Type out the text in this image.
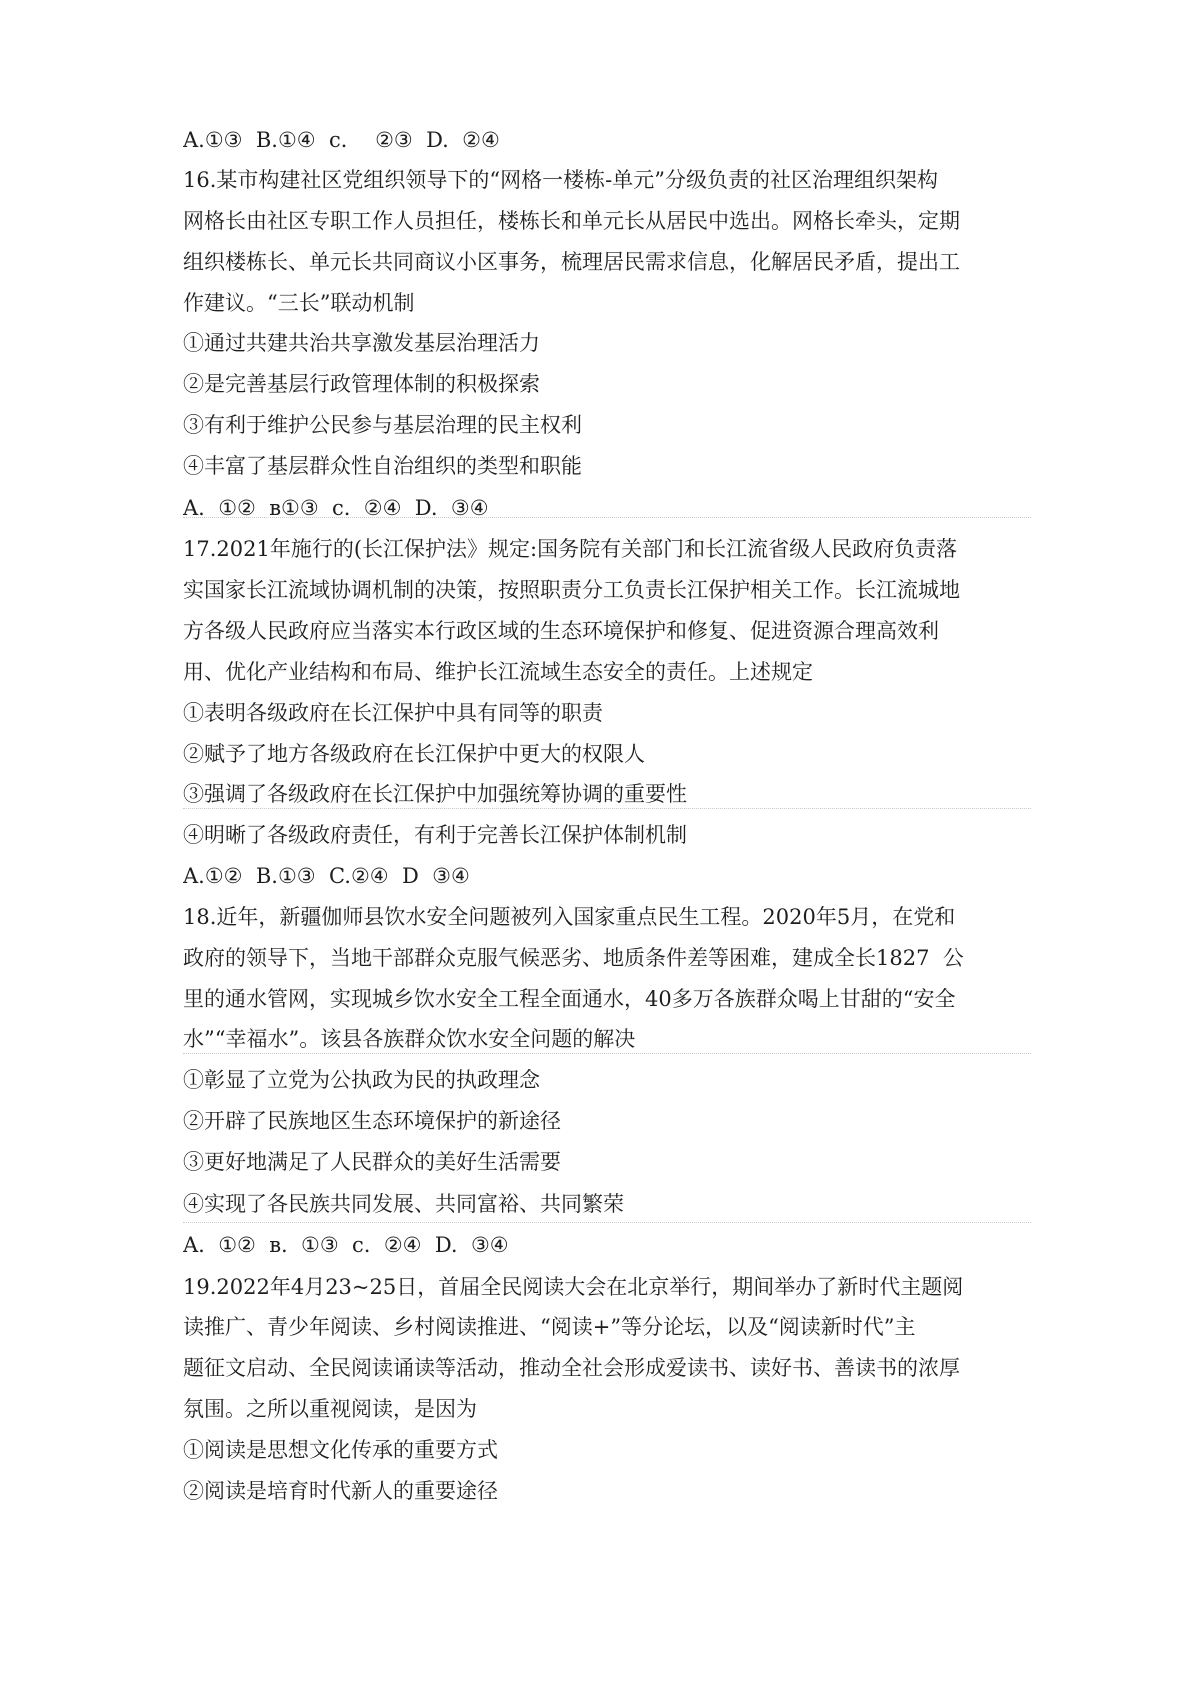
A.①③  B.①④  c．  ②③  D.  ②④
16.某市构建社区党组织领导下的“网格一楼栋-单元”分级负责的社区治理组织架构
网格长由社区专职工作人员担任，楼栋长和单元长从居民中选出。网格长牵头，定期
组织楼栋长、单元长共同商议小区事务，梳理居民需求信息，化解居民矛盾，提出工
作建议。“三长”联动机制
①通过共建共治共享激发基层治理活力
②是完善基层行政管理体制的积极探索
③有利于维护公民参与基层治理的民主权利
④丰富了基层群众性自治组织的类型和职能
A.  ①②  ʙ①③  c.  ②④  D.  ③④
17.2021年施行的(长江保护法》规定:国务院有关部门和长江流省级人民政府负责落
实国家长江流域协调机制的决策，按照职责分工负责长江保护相关工作。长江流城地
方各级人民政府应当落实本行政区域的生态环境保护和修复、促进资源合理高效利
用、优化产业结构和布局、维护长江流域生态安全的责任。上述规定
①表明各级政府在长江保护中具有同等的职责
②赋予了地方各级政府在长江保护中更大的权限人
③强调了各级政府在长江保护中加强统筹协调的重要性
④明晰了各级政府责任，有利于完善长江保护体制机制
A.①②  B.①③  C.②④  D  ③④
18.近年，新疆伽师县饮水安全问题被列入国家重点民生工程。2020年5月，在党和
政府的领导下，当地干部群众克服气候恶劣、地质条件差等困难，建成全长1827  公
里的通水管网，实现城乡饮水安全工程全面通水，40多万各族群众喝上甘甜的“安全
水”“幸福水”。该县各族群众饮水安全问题的解决
①彰显了立党为公执政为民的执政理念
②开辟了民族地区生态环境保护的新途径
③更好地满足了人民群众的美好生活需要
④实现了各民族共同发展、共同富裕、共同繁荣
A.  ①②  ʙ.  ①③  c.  ②④  D.  ③④
19.2022年4月23~25日，首届全民阅读大会在北京举行，期间举办了新时代主题阅
读推广、青少年阅读、乡村阅读推进、“阅读+”等分论坛，以及“阅读新时代”主
题征文启动、全民阅读诵读等活动，推动全社会形成爱读书、读好书、善读书的浓厚
氛围。之所以重视阅读，是因为
①阅读是思想文化传承的重要方式
②阅读是培育时代新人的重要途径
